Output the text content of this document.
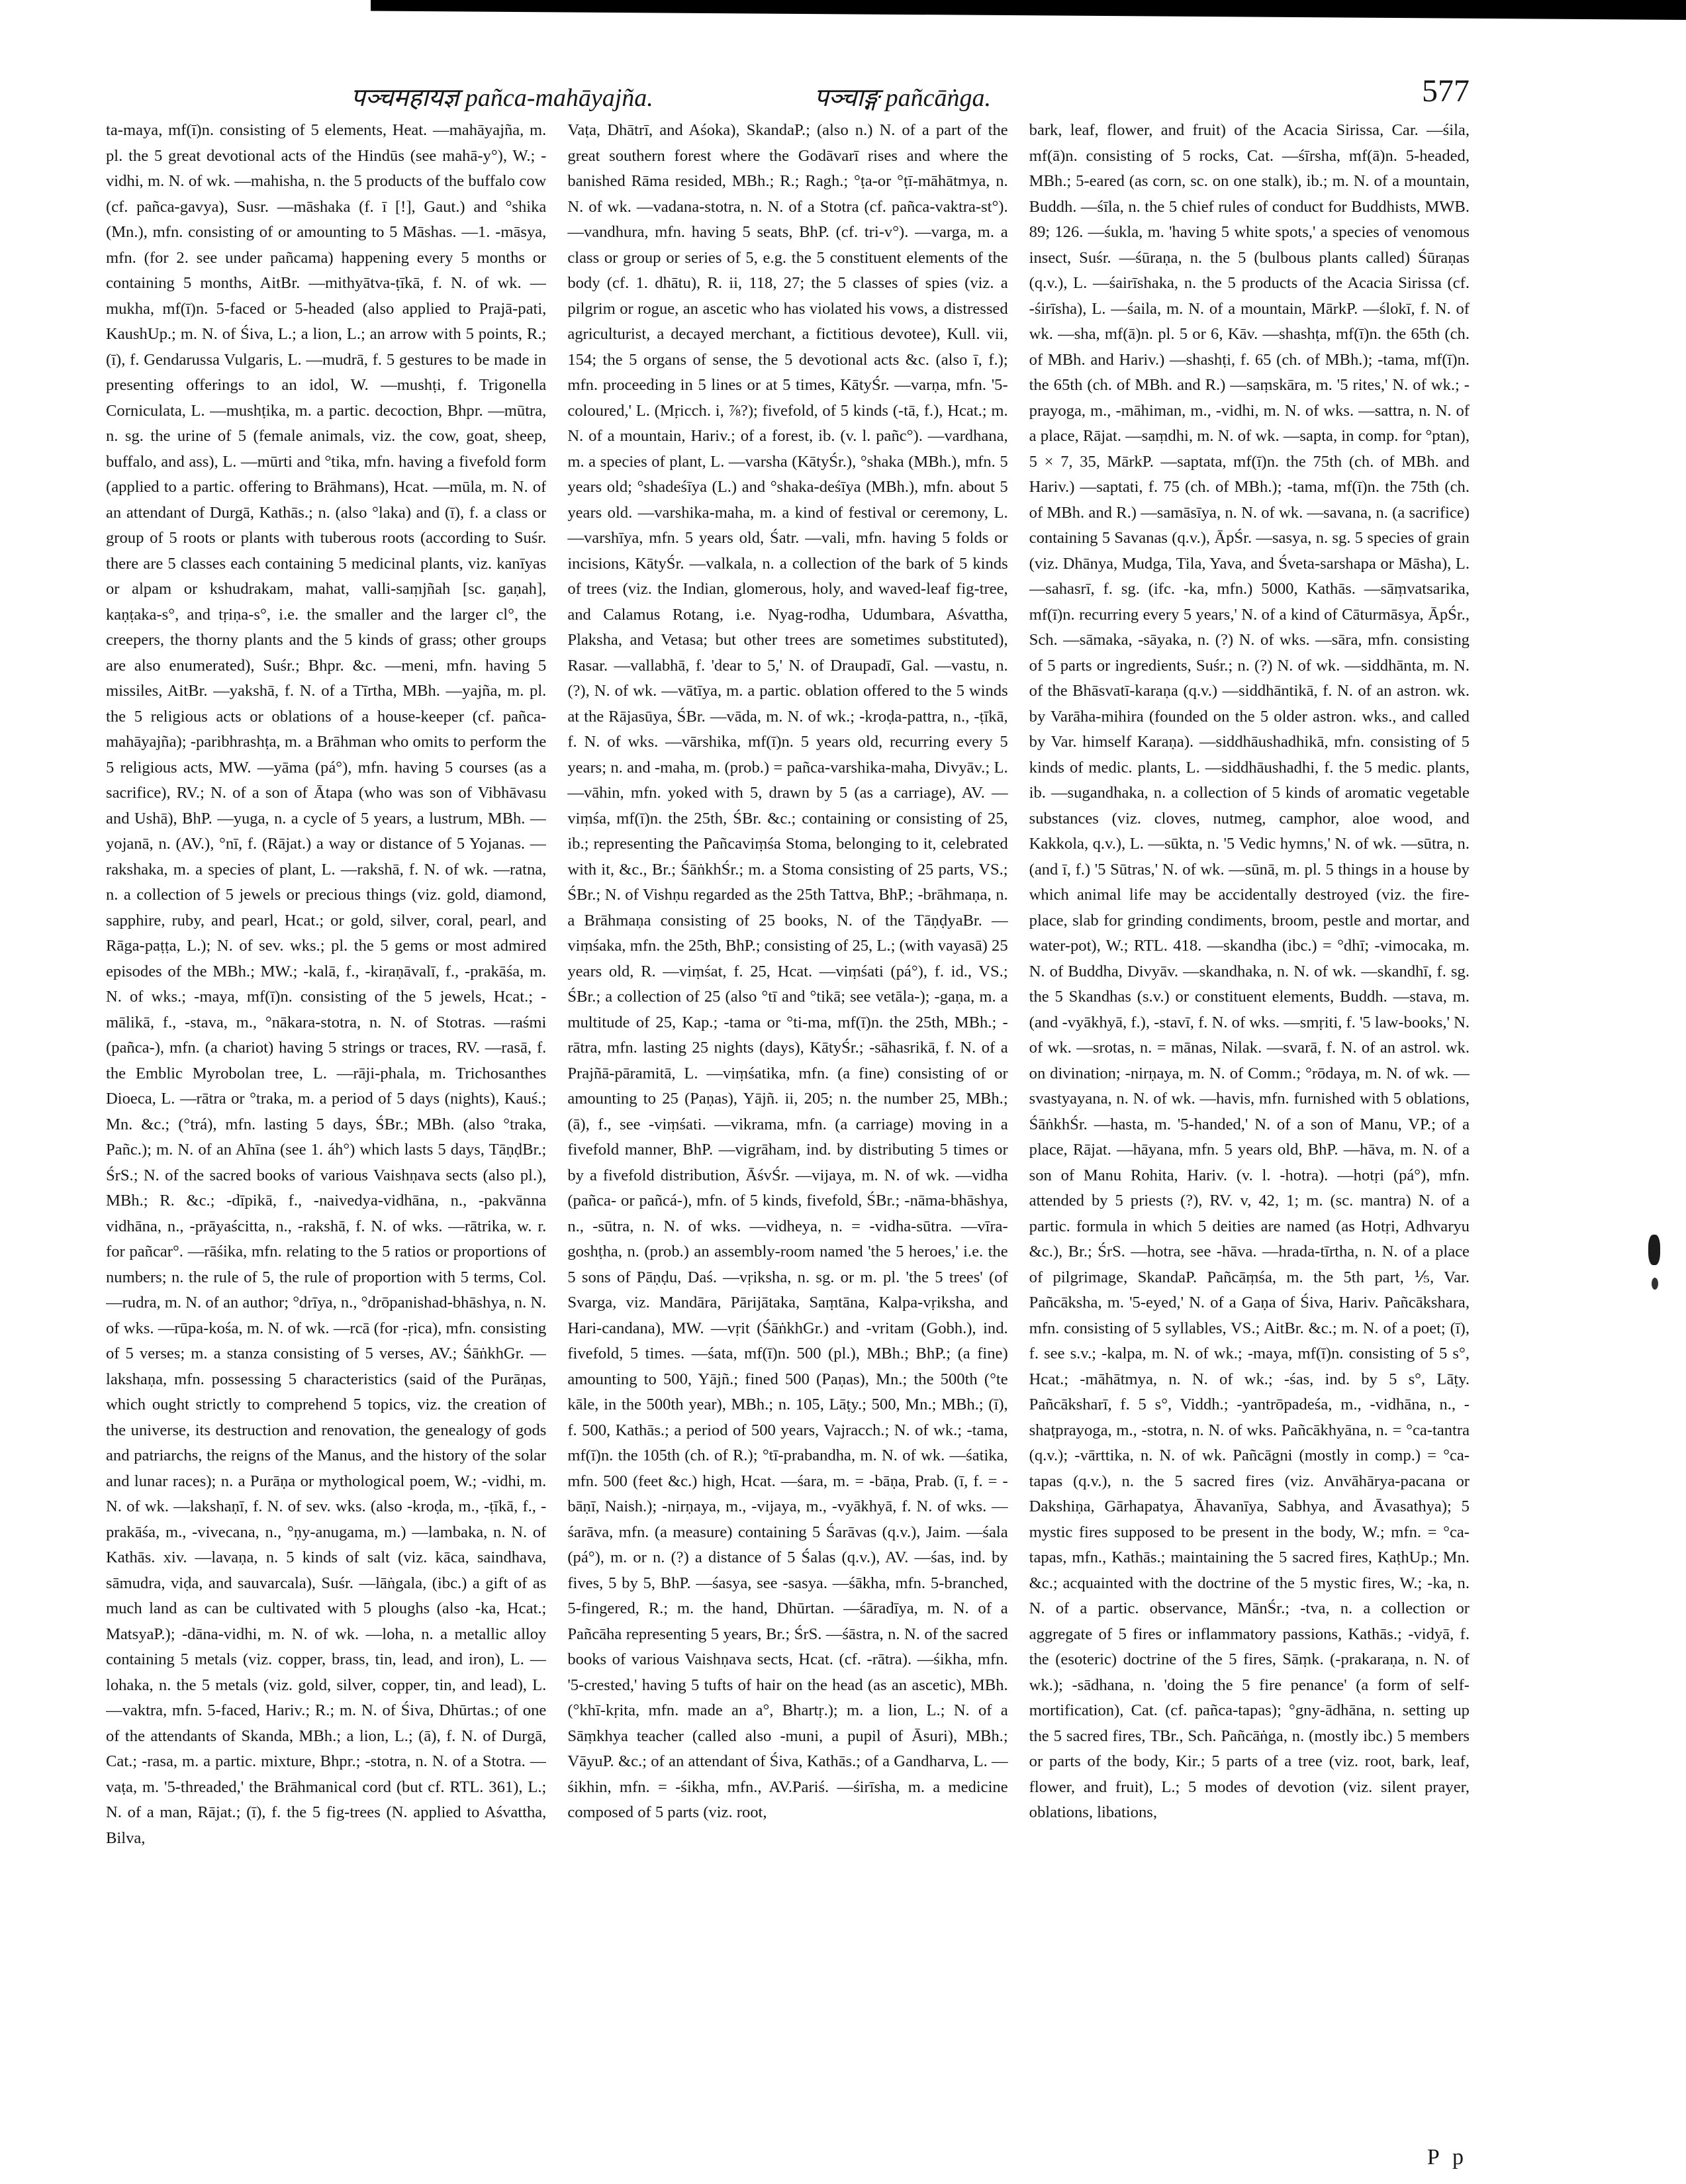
पञ्चमहायज्ञ pañca-mahāyajña.	पञ्चाङ्ग pañcāṅga.	577

ta-maya, mf(ī)n. consisting of 5 elements, Heat. —mahāyajña, m. pl. the 5 great devotional acts of the Hindūs (see mahā-y°), W.; -vidhi, m. N. of wk. —mahisha, n. the 5 products of the buffalo cow (cf. pañca-gavya), Susr. —māshaka (f. ī [!], Gaut.) and °shika (Mn.), mfn. consisting of or amounting to 5 Māshas. —1. -māsya, mfn. (for 2. see under pañcama) happening every 5 months or containing 5 months, AitBr. —mithyātva-ṭīkā, f. N. of wk. —mukha, mf(ī)n. 5-faced or 5-headed (also applied to Prajā-pati, KaushUp.; m. N. of Śiva, L.; a lion, L.; an arrow with 5 points, R.; (ī), f. Gendarussa Vulgaris, L. —mudrā, f. 5 gestures to be made in presenting offerings to an idol, W. —mushṭi, f. Trigonella Corniculata, L. —mushṭika, m. a partic. decoction, Bhpr. —mūtra, n. sg. the urine of 5 (female animals, viz. the cow, goat, sheep, buffalo, and ass), L. —mūrti and °tika, mfn. having a fivefold form (applied to a partic. offering to Brāhmans), Hcat. —mūla, m. N. of an attendant of Durgā, Kathās.; n. (also °laka) and (ī), f. a class or group of 5 roots or plants with tuberous roots (according to Suśr. there are 5 classes each containing 5 medicinal plants, viz. kanīyas or alpam or kshudrakam, mahat, valli-saṃjñah [sc. gaṇah], kaṇṭaka-s°, and tṛiṇa-s°, i.e. the smaller and the larger cl°, the creepers, the thorny plants and the 5 kinds of grass; other groups are also enumerated), Suśr.; Bhpr. &c. —meni, mfn. having 5 missiles, AitBr. —yakshā, f. N. of a Tīrtha, MBh. —yajña, m. pl. the 5 religious acts or oblations of a house-keeper (cf. pañca-mahāyajña); -paribhrashṭa, m. a Brāhman who omits to perform the 5 religious acts, MW. —yāma (pá°), mfn. having 5 courses (as a sacrifice), RV.; N. of a son of Ātapa (who was son of Vibhāvasu and Ushā), BhP. —yuga, n. a cycle of 5 years, a lustrum, MBh. —yojanā, n. (AV.), °nī, f. (Rājat.) a way or distance of 5 Yojanas. —rakshaka, m. a species of plant, L. —rakshā, f. N. of wk. —ratna, n. a collection of 5 jewels or precious things (viz. gold, diamond, sapphire, ruby, and pearl, Hcat.; or gold, silver, coral, pearl, and Rāga-paṭṭa, L.); N. of sev. wks.; pl. the 5 gems or most admired episodes of the MBh.; MW.; -kalā, f., -kiraṇāvalī, f., -prakāśa, m. N. of wks.; -maya, mf(ī)n. consisting of the 5 jewels, Hcat.; -mālikā, f., -stava, m., °nākara-stotra, n. N. of Stotras. —raśmi (pañca-), mfn. (a chariot) having 5 strings or traces, RV. —rasā, f. the Emblic Myrobolan tree, L. —rāji-phala, m. Trichosanthes Dioeca, L. —rātra or °traka, m. a period of 5 days (nights), Kauś.; Mn. &c.; (°trá), mfn. lasting 5 days, ŚBr.; MBh. (also °traka, Pañc.); m. N. of an Ahīna (see 1. áh°) which lasts 5 days, TāṇḍBr.; ŚrS.; N. of the sacred books of various Vaishṇava sects (also pl.), MBh.; R. &c.; -dīpikā, f., -naivedya-vidhāna, n., -pakvānna vidhāna, n., -prāyaścitta, n., -rakshā, f. N. of wks. —rātrika, w. r. for pañcar°. —rāśika, mfn. relating to the 5 ratios or proportions of numbers; n. the rule of 5, the rule of proportion with 5 terms, Col. —rudra, m. N. of an author; °drīya, n., °drōpanishad-bhāshya, n. N. of wks. —rūpa-kośa, m. N. of wk. —rcā (for -ṛica), mfn. consisting of 5 verses; m. a stanza consisting of 5 verses, AV.; ŚāṅkhGr. —lakshaṇa, mfn. possessing 5 characteristics (said of the Purāṇas, which ought strictly to comprehend 5 topics, viz. the creation of the universe, its destruction and renovation, the genealogy of gods and patriarchs, the reigns of the Manus, and the history of the solar and lunar races); n. a Purāṇa or mythological poem, W.; -vidhi, m. N. of wk. —lakshaṇī, f. N. of sev. wks. (also -kroḍa, m., -ṭīkā, f., -prakāśa, m., -vivecana, n., °ṇy-anugama, m.) —lambaka, n. N. of Kathās. xiv. —lavaṇa, n. 5 kinds of salt (viz. kāca, saindhava, sāmudra, viḍa, and sauvarcala), Suśr. —lāṅgala, (ibc.) a gift of as much land as can be cultivated with 5 ploughs (also -ka, Hcat.; MatsyaP.); -dāna-vidhi, m. N. of wk. —loha, n. a metallic alloy containing 5 metals (viz. copper, brass, tin, lead, and iron), L. —lohaka, n. the 5 metals (viz. gold, silver, copper, tin, and lead), L. —vaktra, mfn. 5-faced, Hariv.; R.; m. N. of Śiva, Dhūrtas.; of one of the attendants of Skanda, MBh.; a lion, L.; (ā), f. N. of Durgā, Cat.; -rasa, m. a partic. mixture, Bhpr.; -stotra, n. N. of a Stotra. —vaṭa, m. '5-threaded,' the Brāhmanical cord (but cf. RTL. 361), L.; N. of a man, Rājat.; (ī), f. the 5 fig-trees (N. applied to Aśvattha, Bilva,

Vaṭa, Dhātrī, and Aśoka), SkandaP.; (also n.) N. of a part of the great southern forest where the Godāvarī rises and where the banished Rāma resided, MBh.; R.; Ragh.; °ṭa-or °ṭī-māhātmya, n. N. of wk. —vadana-stotra, n. N. of a Stotra (cf. pañca-vaktra-st°). —vandhura, mfn. having 5 seats, BhP. (cf. tri-v°). —varga, m. a class or group or series of 5, e.g. the 5 constituent elements of the body (cf. 1. dhātu), R. ii, 118, 27; the 5 classes of spies (viz. a pilgrim or rogue, an ascetic who has violated his vows, a distressed agriculturist, a decayed merchant, a fictitious devotee), Kull. vii, 154; the 5 organs of sense, the 5 devotional acts &c. (also ī, f.); mfn. proceeding in 5 lines or at 5 times, KātyŚr. —varṇa, mfn. '5-coloured,' L. (Mṛicch. i, ⅞?); fivefold, of 5 kinds (-tā, f.), Hcat.; m. N. of a mountain, Hariv.; of a forest, ib. (v. l. pañc°). —vardhana, m. a species of plant, L. —varsha (KātyŚr.), °shaka (MBh.), mfn. 5 years old; °shadeśīya (L.) and °shaka-deśīya (MBh.), mfn. about 5 years old. —varshika-maha, m. a kind of festival or ceremony, L. —varshīya, mfn. 5 years old, Śatr. —vali, mfn. having 5 folds or incisions, KātyŚr. —valkala, n. a collection of the bark of 5 kinds of trees (viz. the Indian, glomerous, holy, and waved-leaf fig-tree, and Calamus Rotang, i.e. Nyag-rodha, Udumbara, Aśvattha, Plaksha, and Vetasa; but other trees are sometimes substituted), Rasar. —vallabhā, f. 'dear to 5,' N. of Draupadī, Gal. —vastu, n. (?), N. of wk. —vātīya, m. a partic. oblation offered to the 5 winds at the Rājasūya, ŚBr. —vāda, m. N. of wk.; -kroḍa-pattra, n., -ṭīkā, f. N. of wks. —vārshika, mf(ī)n. 5 years old, recurring every 5 years; n. and -maha, m. (prob.) = pañca-varshika-maha, Divyāv.; L. —vāhin, mfn. yoked with 5, drawn by 5 (as a carriage), AV. —viṃśa, mf(ī)n. the 25th, ŚBr. &c.; containing or consisting of 25, ib.; representing the Pañcaviṃśa Stoma, belonging to it, celebrated with it, &c., Br.; ŚāṅkhŚr.; m. a Stoma consisting of 25 parts, VS.; ŚBr.; N. of Vishṇu regarded as the 25th Tattva, BhP.; -brāhmaṇa, n. a Brāhmaṇa consisting of 25 books, N. of the TāṇḍyaBr. —viṃśaka, mfn. the 25th, BhP.; consisting of 25, L.; (with vayasā) 25 years old, R. —viṃśat, f. 25, Hcat. —viṃśati (pá°), f. id., VS.; ŚBr.; a collection of 25 (also °tī and °tikā; see vetāla-); -gaṇa, m. a multitude of 25, Kap.; -tama or °ti-ma, mf(ī)n. the 25th, MBh.; -rātra, mfn. lasting 25 nights (days), KātyŚr.; -sāhasrikā, f. N. of a Prajñā-pāramitā, L. —viṃśatika, mfn. (a fine) consisting of or amounting to 25 (Paṇas), Yājñ. ii, 205; n. the number 25, MBh.; (ā), f., see -viṃśati. —vikrama, mfn. (a carriage) moving in a fivefold manner, BhP. —vigrāham, ind. by distributing 5 times or by a fivefold distribution, ĀśvŚr. —vijaya, m. N. of wk. —vidha (pañca- or pañcá-), mfn. of 5 kinds, fivefold, ŚBr.; -nāma-bhāshya, n., -sūtra, n. N. of wks. —vidheya, n. = -vidha-sūtra. —vīra-goshṭha, n. (prob.) an assembly-room named 'the 5 heroes,' i.e. the 5 sons of Pāṇḍu, Daś. —vṛiksha, n. sg. or m. pl. 'the 5 trees' (of Svarga, viz. Mandāra, Pārijātaka, Saṃtāna, Kalpa-vṛiksha, and Hari-candana), MW. —vṛit (ŚāṅkhGr.) and -vritam (Gobh.), ind. fivefold, 5 times. —śata, mf(ī)n. 500 (pl.), MBh.; BhP.; (a fine) amounting to 500, Yājñ.; fined 500 (Paṇas), Mn.; the 500th (°te kāle, in the 500th year), MBh.; n. 105, Lāṭy.; 500, Mn.; MBh.; (ī), f. 500, Kathās.; a period of 500 years, Vajracch.; N. of wk.; -tama, mf(ī)n. the 105th (ch. of R.); °tī-prabandha, m. N. of wk. —śatika, mfn. 500 (feet &c.) high, Hcat. —śara, m. = -bāṇa, Prab. (ī, f. = -bāṇī, Naish.); -nirṇaya, m., -vijaya, m., -vyākhyā, f. N. of wks. —śarāva, mfn. (a measure) containing 5 Śarāvas (q.v.), Jaim. —śala (pá°), m. or n. (?) a distance of 5 Śalas (q.v.), AV. —śas, ind. by fives, 5 by 5, BhP. —śasya, see -sasya. —śākha, mfn. 5-branched, 5-fingered, R.; m. the hand, Dhūrtan. —śāradīya, m. N. of a Pañcāha representing 5 years, Br.; ŚrS. —śāstra, n. N. of the sacred books of various Vaishṇava sects, Hcat. (cf. -rātra). —śikha, mfn. '5-crested,' having 5 tufts of hair on the head (as an ascetic), MBh. (°khī-kṛita, mfn. made an a°, Bhartṛ.); m. a lion, L.; N. of a Sāṃkhya teacher (called also -muni, a pupil of Āsuri), MBh.; VāyuP. &c.; of an attendant of Śiva, Kathās.; of a Gandharva, L. —śikhin, mfn. = -śikha, mfn., AV.Pariś. —śirīsha, m. a medicine composed of 5 parts (viz. root,

bark, leaf, flower, and fruit) of the Acacia Sirissa, Car. —śila, mf(ā)n. consisting of 5 rocks, Cat. —śīrsha, mf(ā)n. 5-headed, MBh.; 5-eared (as corn, sc. on one stalk), ib.; m. N. of a mountain, Buddh. —śīla, n. the 5 chief rules of conduct for Buddhists, MWB. 89; 126. —śukla, m. 'having 5 white spots,' a species of venomous insect, Suśr. —śūraṇa, n. the 5 (bulbous plants called) Śūraṇas (q.v.), L. —śairīshaka, n. the 5 products of the Acacia Sirissa (cf. -śirīsha), L. —śaila, m. N. of a mountain, MārkP. —ślokī, f. N. of wk. —sha, mf(ā)n. pl. 5 or 6, Kāv. —shashṭa, mf(ī)n. the 65th (ch. of MBh. and Hariv.) —shashṭi, f. 65 (ch. of MBh.); -tama, mf(ī)n. the 65th (ch. of MBh. and R.) —saṃskāra, m. '5 rites,' N. of wk.; -prayoga, m., -māhiman, m., -vidhi, m. N. of wks. —sattra, n. N. of a place, Rājat. —saṃdhi, m. N. of wk. —sapta, in comp. for °ptan), 5 × 7, 35, MārkP. —saptata, mf(ī)n. the 75th (ch. of MBh. and Hariv.) —saptati, f. 75 (ch. of MBh.); -tama, mf(ī)n. the 75th (ch. of MBh. and R.) —samāsīya, n. N. of wk. —savana, n. (a sacrifice) containing 5 Savanas (q.v.), ĀpŚr. —sasya, n. sg. 5 species of grain (viz. Dhānya, Mudga, Tila, Yava, and Śveta-sarshapa or Māsha), L. —sahasrī, f. sg. (ifc. -ka, mfn.) 5000, Kathās. —sāṃvatsarika, mf(ī)n. recurring every 5 years,' N. of a kind of Cāturmāsya, ĀpŚr., Sch. —sāmaka, -sāyaka, n. (?) N. of wks. —sāra, mfn. consisting of 5 parts or ingredients, Suśr.; n. (?) N. of wk. —siddhānta, m. N. of the Bhāsvatī-karaṇa (q.v.) —siddhāntikā, f. N. of an astron. wk. by Varāha-mihira (founded on the 5 older astron. wks., and called by Var. himself Karaṇa). —siddhāushadhikā, mfn. consisting of 5 kinds of medic. plants, L. —siddhāushadhi, f. the 5 medic. plants, ib. —sugandhaka, n. a collection of 5 kinds of aromatic vegetable substances (viz. cloves, nutmeg, camphor, aloe wood, and Kakkola, q.v.), L. —sūkta, n. '5 Vedic hymns,' N. of wk. —sūtra, n. (and ī, f.) '5 Sūtras,' N. of wk. —sūnā, m. pl. 5 things in a house by which animal life may be accidentally destroyed (viz. the fire-place, slab for grinding condiments, broom, pestle and mortar, and water-pot), W.; RTL. 418. —skandha (ibc.) = °dhī; -vimocaka, m. N. of Buddha, Divyāv. —skandhaka, n. N. of wk. —skandhī, f. sg. the 5 Skandhas (s.v.) or constituent elements, Buddh. —stava, m. (and -vyākhyā, f.), -stavī, f. N. of wks. —smṛiti, f. '5 law-books,' N. of wk. —srotas, n. = mānas, Nilak. —svarā, f. N. of an astrol. wk. on divination; -nirṇaya, m. N. of Comm.; °rōdaya, m. N. of wk. —svastyayana, n. N. of wk. —havis, mfn. furnished with 5 oblations, ŚāṅkhŚr. —hasta, m. '5-handed,' N. of a son of Manu, VP.; of a place, Rājat. —hāyana, mfn. 5 years old, BhP. —hāva, m. N. of a son of Manu Rohita, Hariv. (v. l. -hotra). —hotṛi (pá°), mfn. attended by 5 priests (?), RV. v, 42, 1; m. (sc. mantra) N. of a partic. formula in which 5 deities are named (as Hotṛi, Adhvaryu &c.), Br.; ŚrS. —hotra, see -hāva. —hrada-tīrtha, n. N. of a place of pilgrimage, SkandaP. Pañcāṃśa, m. the 5th part, ⅕, Var. Pañcāksha, m. '5-eyed,' N. of a Gaṇa of Śiva, Hariv. Pañcākshara, mfn. consisting of 5 syllables, VS.; AitBr. &c.; m. N. of a poet; (ī), f. see s.v.; -kalpa, m. N. of wk.; -maya, mf(ī)n. consisting of 5 s°, Hcat.; -māhātmya, n. N. of wk.; -śas, ind. by 5 s°, Lāṭy. Pañcāksharī, f. 5 s°, Viddh.; -yantrōpadeśa, m., -vidhāna, n., -shaṭprayoga, m., -stotra, n. N. of wks. Pañcākhyāna, n. = °ca-tantra (q.v.); -vārttika, n. N. of wk. Pañcāgni (mostly in comp.) = °ca-tapas (q.v.), n. the 5 sacred fires (viz. Anvāhārya-pacana or Dakshiṇa, Gārhapatya, Āhavanīya, Sabhya, and Āvasathya); 5 mystic fires supposed to be present in the body, W.; mfn. = °ca-tapas, mfn., Kathās.; maintaining the 5 sacred fires, KaṭhUp.; Mn. &c.; acquainted with the doctrine of the 5 mystic fires, W.; -ka, n. N. of a partic. observance, MānŚr.; -tva, n. a collection or aggregate of 5 fires or inflammatory passions, Kathās.; -vidyā, f. the (esoteric) doctrine of the 5 fires, Sāṃk. (-prakaraṇa, n. N. of wk.); -sādhana, n. 'doing the 5 fire penance' (a form of self-mortification), Cat. (cf. pañca-tapas); °gny-ādhāna, n. setting up the 5 sacred fires, TBr., Sch. Pañcāṅga, n. (mostly ibc.) 5 members or parts of the body, Kir.; 5 parts of a tree (viz. root, bark, leaf, flower, and fruit), L.; 5 modes of devotion (viz. silent prayer, oblations, libations,

P p
